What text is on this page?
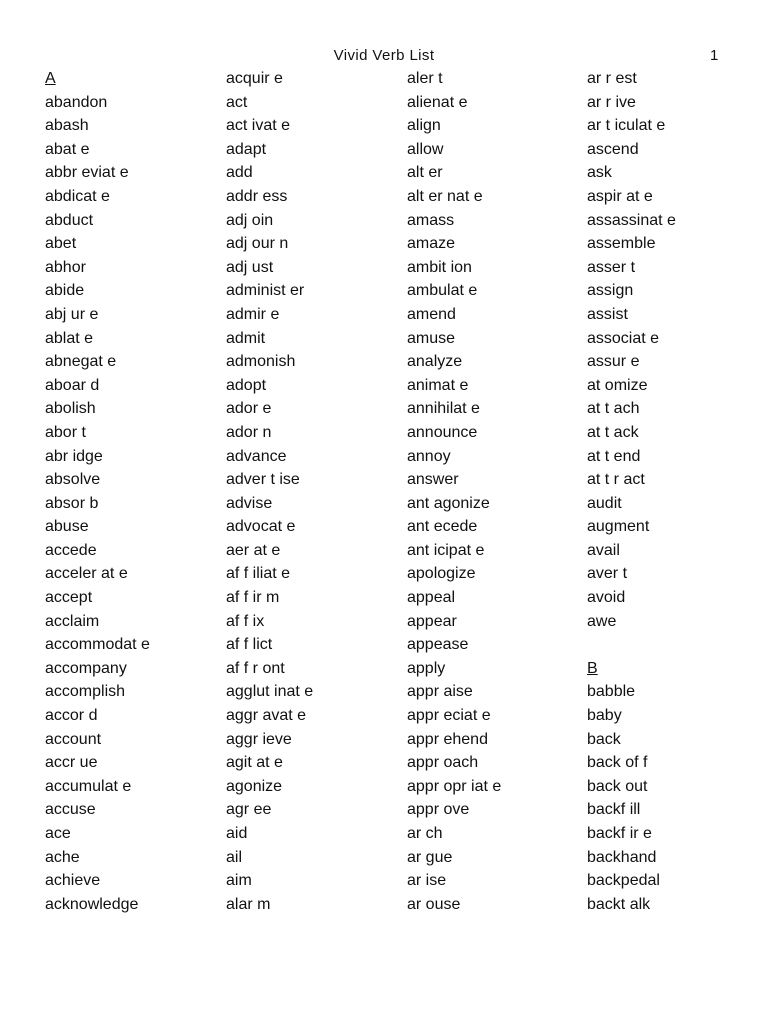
Vivid Verb List	1
A
abandon
abash
abat e
abbr eviat e
abdicat e
abduct
abet
abhor
abide
abj ur e
ablat e
abnegat e
aboar d
abolish
abor t
abr idge
absolve
absor b
abuse
accede
acceler at e
accept
acclaim
accommodat e
accompany
accomplish
accor d
account
accr ue
accumulat e
accuse
ace
ache
achieve
acknowledge
acquir e
act
act ivat e
adapt
add
addr ess
adj oin
adj our n
adj ust
administ er
admir e
admit
admonish
adopt
ador e
ador n
advance
adver t ise
advise
advocat e
aer at e
af f iliat e
af f ir m
af f ix
af f lict
af f r ont
agglut inat e
aggr avat e
aggr ieve
agit at e
agonize
agr ee
aid
ail
aim
alar m
aler t
alienat e
align
allow
alt er
alt er nat e
amass
amaze
ambit ion
ambulat e
amend
amuse
analyze
animat e
annihilat e
announce
annoy
answer
ant agonize
ant ecede
ant icipat e
apologize
appeal
appear
appease
apply
appr aise
appr eciat e
appr ehend
appr oach
appr opr iat e
appr ove
ar ch
ar gue
ar ise
ar ouse
ar r est
ar r ive
ar t iculat e
ascend
ask
aspir at e
assassinat e
assemble
asser t
assign
assist
associat e
assur e
at omize
at t ach
at t ack
at t end
at t r act
audit
augment
avail
aver t
avoid
awe
B
babble
baby
back
back of f
back out
backf ill
backf ir e
backhand
backpedal
backt alk
